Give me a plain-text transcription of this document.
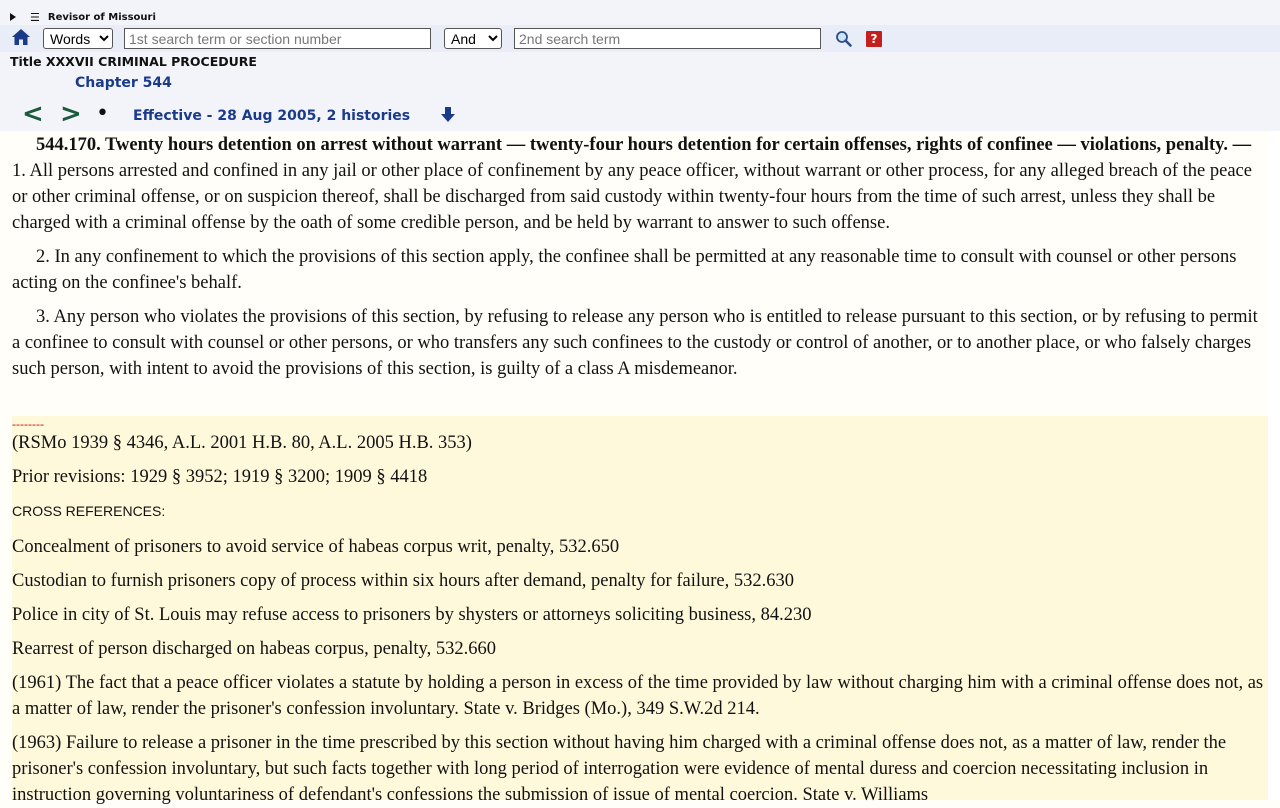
☰ Revisor of Missouri
Words
1st search term or section number
And
2nd search term
?
Title XXXVII CRIMINAL PROCEDURE
Chapter 544
< > • Effective - 28 Aug 2005, 2 histories

544.170. Twenty hours detention on arrest without warrant — twenty-four hours detention for certain offenses, rights of confinee — violations, penalty. — 1. All persons arrested and confined in any jail or other place of confinement by any peace officer, without warrant or other process, for any alleged breach of the peace or other criminal offense, or on suspicion thereof, shall be discharged from said custody within twenty-four hours from the time of such arrest, unless they shall be charged with a criminal offense by the oath of some credible person, and be held by warrant to answer to such offense.

2. In any confinement to which the provisions of this section apply, the confinee shall be permitted at any reasonable time to consult with counsel or other persons acting on the confinee's behalf.

3. Any person who violates the provisions of this section, by refusing to release any person who is entitled to release pursuant to this section, or by refusing to permit a confinee to consult with counsel or other persons, or who transfers any such confinees to the custody or control of another, or to another place, or who falsely charges such person, with intent to avoid the provisions of this section, is guilty of a class A misdemeanor.

--------

(RSMo 1939 § 4346, A.L. 2001 H.B. 80, A.L. 2005 H.B. 353)

Prior revisions: 1929 § 3952; 1919 § 3200; 1909 § 4418

CROSS REFERENCES:

Concealment of prisoners to avoid service of habeas corpus writ, penalty, 532.650

Custodian to furnish prisoners copy of process within six hours after demand, penalty for failure, 532.630

Police in city of St. Louis may refuse access to prisoners by shysters or attorneys soliciting business, 84.230

Rearrest of person discharged on habeas corpus, penalty, 532.660

(1961) The fact that a peace officer violates a statute by holding a person in excess of the time provided by law without charging him with a criminal offense does not, as a matter of law, render the prisoner's confession involuntary. State v. Bridges (Mo.), 349 S.W.2d 214.

(1963) Failure to release a prisoner in the time prescribed by this section without having him charged with a criminal offense does not, as a matter of law, render the prisoner's confession involuntary, but such facts together with long period of interrogation were evidence of mental duress and coercion necessitating inclusion in instruction governing voluntariness of defendant's confessions the submission of issue of mental coercion. State v. Williams
